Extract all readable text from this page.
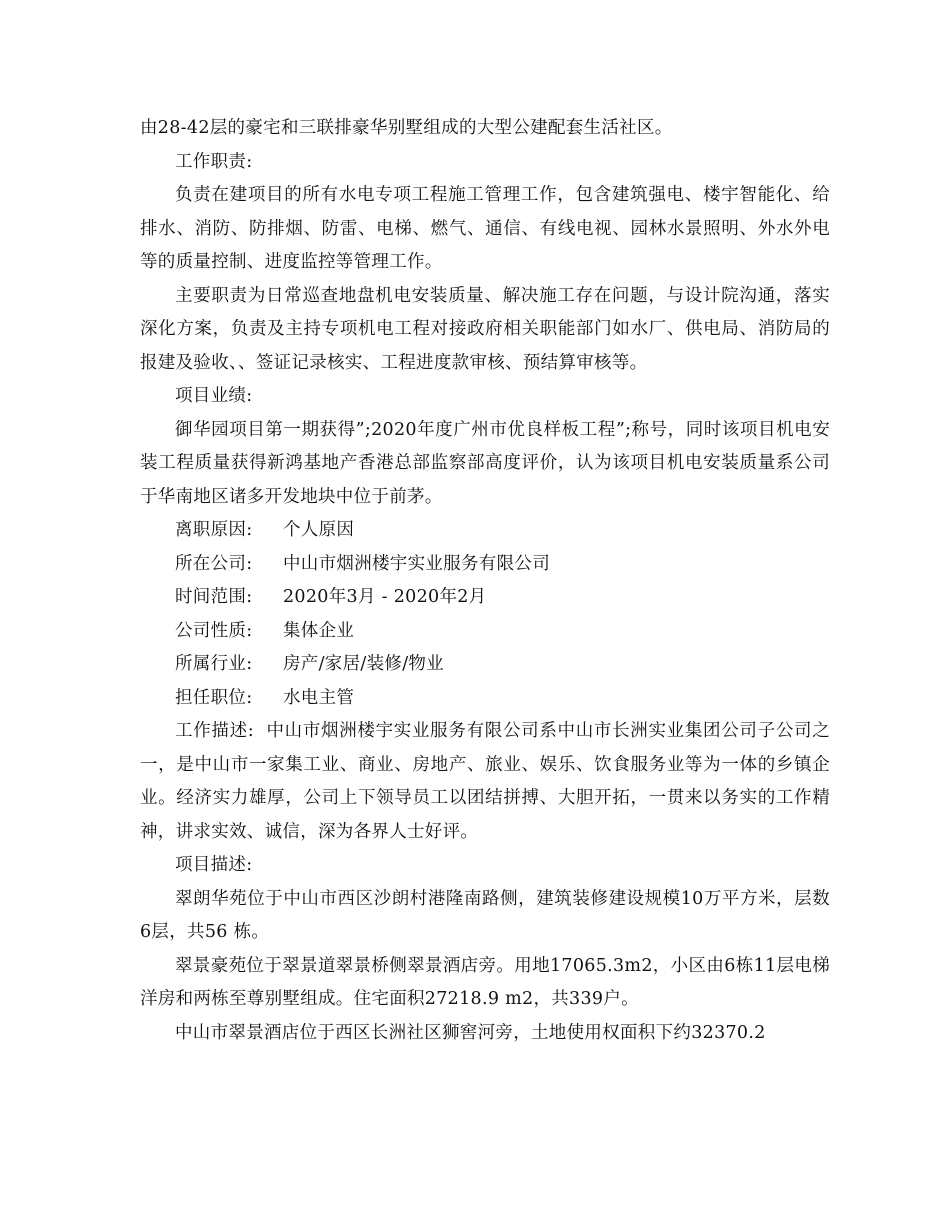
由28-42层的豪宅和三联排豪华别墅组成的大型公建配套生活社区。

工作职责:

负责在建项目的所有水电专项工程施工管理工作，包含建筑强电、楼宇智能化、给排水、消防、防排烟、防雷、电梯、燃气、通信、有线电视、园林水景照明、外水外电等的质量控制、进度监控等管理工作。

主要职责为日常巡查地盘机电安装质量、解决施工存在问题，与设计院沟通，落实深化方案，负责及主持专项机电工程对接政府相关职能部门如水厂、供电局、消防局的报建及验收、、签证记录核实、工程进度款审核、预结算审核等。

项目业绩:

御华园项目第一期获得”;2020年度广州市优良样板工程”;称号，同时该项目机电安装工程质量获得新鸿基地产香港总部监察部高度评价，认为该项目机电安装质量系公司于华南地区诸多开发地块中位于前茅。

离职原因: 个人原因

所在公司: 中山市烟洲楼宇实业服务有限公司

时间范围: 2020年3月 - 2020年2月

公司性质: 集体企业

所属行业: 房产/家居/装修/物业

担任职位: 水电主管

工作描述:  中山市烟洲楼宇实业服务有限公司系中山市长洲实业集团公司子公司之一，是中山市一家集工业、商业、房地产、旅业、娱乐、饮食服务业等为一体的乡镇企业。经济实力雄厚，公司上下领导员工以团结拼搏、大胆开拓，一贯来以务实的工作精神，讲求实效、诚信，深为各界人士好评。

项目描述:

翠朗华苑位于中山市西区沙朗村港隆南路侧，建筑装修建设规模10万平方米，层数6层，共56 栋。

翠景豪苑位于翠景道翠景桥侧翠景酒店旁。用地17065.3m2，小区由6栋11层电梯洋房和两栋至尊别墅组成。住宅面积27218.9 m2，共339户。

中山市翠景酒店位于西区长洲社区狮窖河旁，土地使用权面积下约32370.2
